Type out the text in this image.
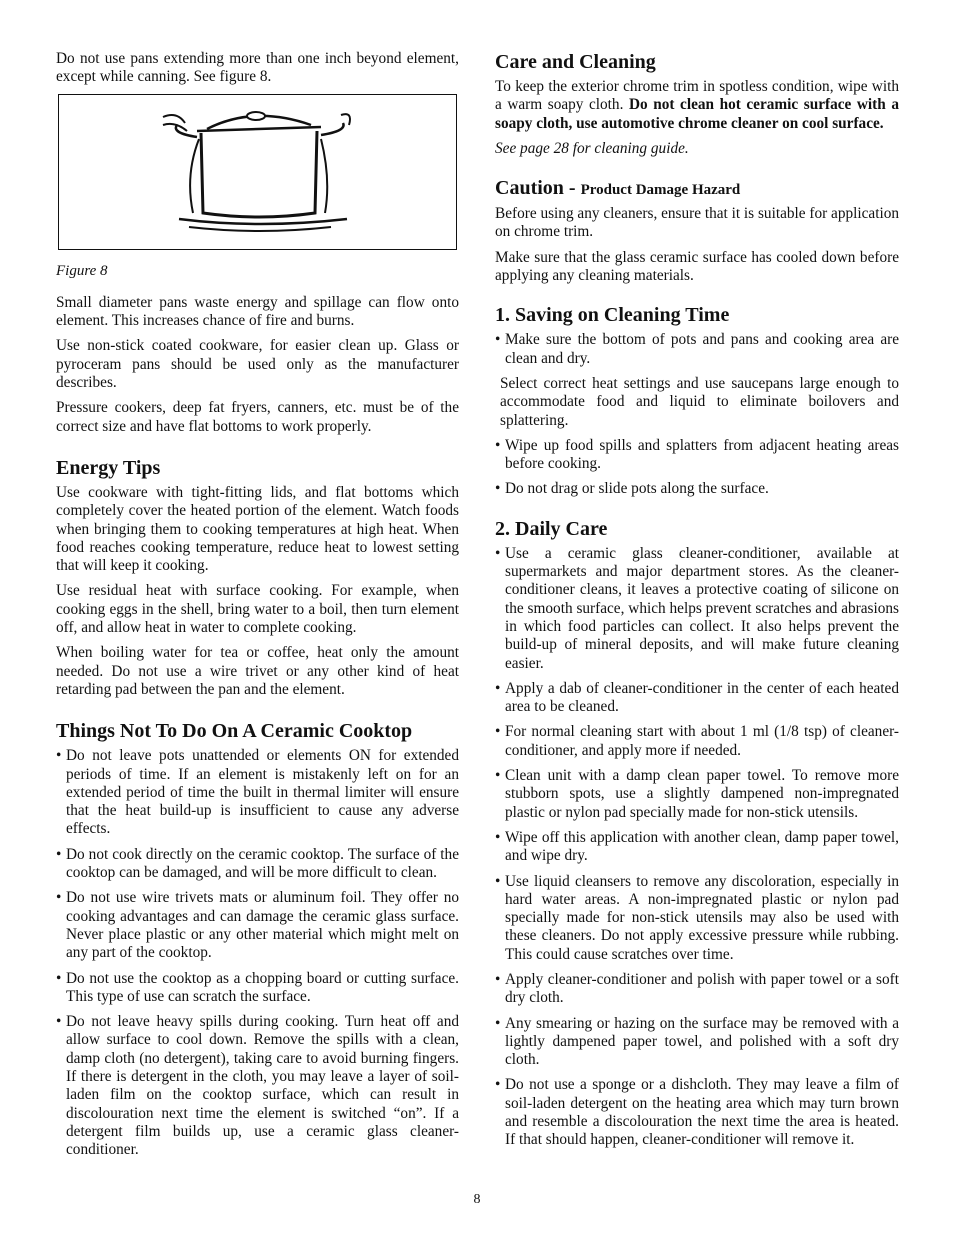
Do not use pans extending more than one inch beyond element, except while canning. See figure 8.

Figure 8

Small diameter pans waste energy and spillage can flow onto element. This increases chance of fire and burns.

Use non-stick coated cookware, for easier clean up. Glass or pyroceram pans should be used only as the manufacturer describes.

Pressure cookers, deep fat fryers, canners, etc. must be of the correct size and have flat bottoms to work properly.

Energy Tips

Use cookware with tight-fitting lids, and flat bottoms which completely cover the heated portion of the element. Watch foods when bringing them to cooking temperatures at high heat. When food reaches cooking temperature, reduce heat to lowest setting that will keep it cooking.

Use residual heat with surface cooking. For example, when cooking eggs in the shell, bring water to a boil, then turn element off, and allow heat in water to complete cooking.

When boiling water for tea or coffee, heat only the amount needed. Do not use a wire trivet or any other kind of heat retarding pad between the pan and the element.

Things Not To Do On A Ceramic Cooktop
• Do not leave pots unattended or elements ON for extended periods of time. If an element is mistakenly left on for an extended period of time the built in thermal limiter will ensure that the heat build-up is insufficient to cause any adverse effects.
• Do not cook directly on the ceramic cooktop. The surface of the cooktop can be damaged, and will be more difficult to clean.
• Do not use wire trivets mats or aluminum foil. They offer no cooking advantages and can damage the ceramic glass surface. Never place plastic or any other material which might melt on any part of the cooktop.
• Do not use the cooktop as a chopping board or cutting surface. This type of use can scratch the surface.
• Do not leave heavy spills during cooking. Turn heat off and allow surface to cool down. Remove the spills with a clean, damp cloth (no detergent), taking care to avoid burning fingers. If there is detergent in the cloth, you may leave a layer of soil-laden film on the cooktop surface, which can result in discolouration next time the element is switched “on”. If a detergent film builds up, use a ceramic glass cleaner-conditioner.
Care and Cleaning

To keep the exterior chrome trim in spotless condition, wipe with a warm soapy cloth. Do not clean hot ceramic surface with a soapy cloth, use automotive chrome cleaner on cool surface.

See page 28 for cleaning guide.

Caution - Product Damage Hazard

Before using any cleaners, ensure that it is suitable for application on chrome trim.

Make sure that the glass ceramic surface has cooled down before applying any cleaning materials.

1. Saving on Cleaning Time
• Make sure the bottom of pots and pans and cooking area are clean and dry.

Select correct heat settings and use saucepans large enough to accommodate food and liquid to eliminate boilovers and splattering.

• Wipe up food spills and splatters from adjacent heating areas before cooking.
• Do not drag or slide pots along the surface.
2. Daily Care
• Use a ceramic glass cleaner-conditioner, available at supermarkets and major department stores. As the cleaner-conditioner cleans, it leaves a protective coating of silicone on the smooth surface, which helps prevent scratches and abrasions in which food particles can collect. It also helps prevent the build-up of mineral deposits, and will make future cleaning easier.
• Apply a dab of cleaner-conditioner in the center of each heated area to be cleaned.
• For normal cleaning start with about 1 ml (1/8 tsp) of cleaner-conditioner, and apply more if needed.
• Clean unit with a damp clean paper towel. To remove more stubborn spots, use a slightly dampened non-impregnated plastic or nylon pad specially made for non-stick utensils.
• Wipe off this application with another clean, damp paper towel, and wipe dry.
• Use liquid cleansers to remove any discoloration, especially in hard water areas. A non-impregnated plastic or nylon pad specially made for non-stick utensils may also be used with these cleaners. Do not apply excessive pressure while rubbing. This could cause scratches over time.
• Apply cleaner-conditioner and polish with paper towel or a soft dry cloth.
• Any smearing or hazing on the surface may be removed with a lightly dampened paper towel, and polished with a soft dry cloth.
• Do not use a sponge or a dishcloth. They may leave a film of soil-laden detergent on the heating area which may turn brown and resemble a discolouration the next time the area is heated. If that should happen, cleaner-conditioner will remove it.
8
